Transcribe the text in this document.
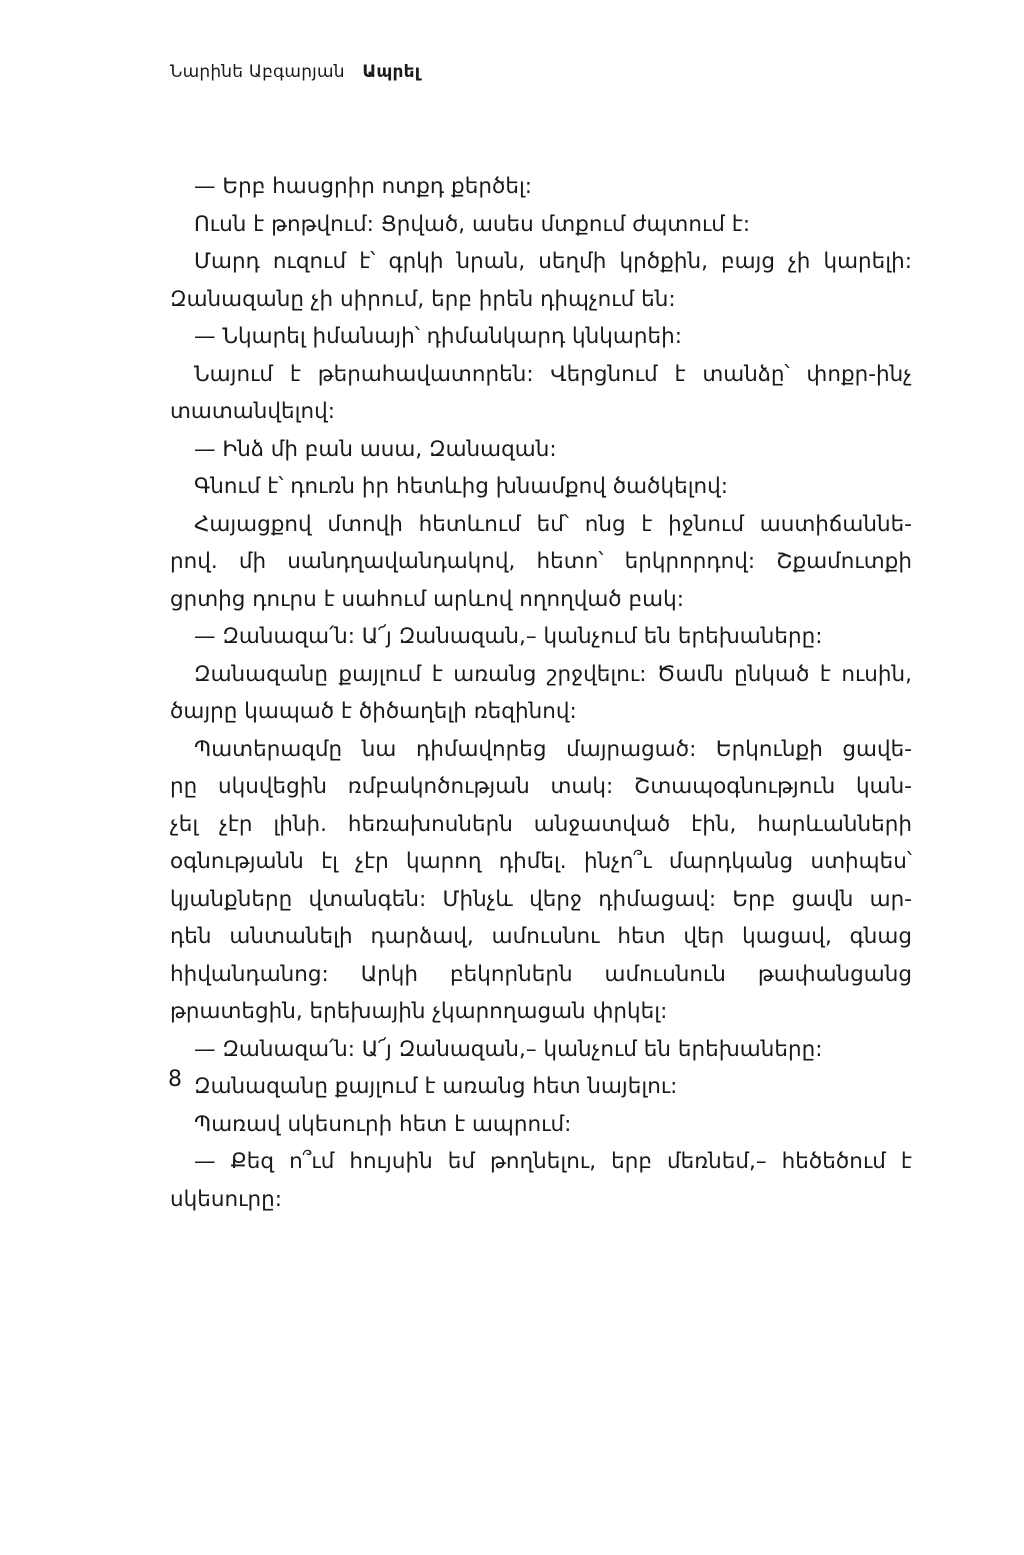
Նարինե Աբգարյան Ապրել
— Երբ հասցրիր ոտքդ քերծել:
Ուսն է թոթվում: Ցրված, ասես մտքում ժպտում է:
Մարդ ուզում է՝ գրկի նրան, սեղմի կրծքին, բայց չի կարելի:
Զանազանը չի սիրում, երբ իրեն դիպչում են:
— Նկարել իմանայի՝ դիմանկարդ կնկարեի:
Նայում է թերահավատորեն: Վերցնում է տանձը՝ փոքր-ինչ
տատանվելով:
— Ինձ մի բան ասա, Զանազան:
Գնում է՝ դուռն իր հետևից խնամքով ծածկելով:
Հայացքով մտովի հետևում եմ՝ ոնց է իջնում աստիճաննե-
րով. մի սանդղավանդակով, հետո՝ երկրորդով: Շքամուտքի
ցրտից դուրս է սահում արևով ողողված բակ:
— Զանազա՛ն: Ա՜յ Զանազան,– կանչում են երեխաները:
Զանազանը քայլում է առանց շրջվելու: Ծամն ընկած է ուսին,
ծայրը կապած է ծիծաղելի ռեզինով:
Պատերազմը նա դիմավորեց մայրացած: Երկունքի ցավե-
րը սկսվեցին ռմբակոծության տակ: Շտապօգնություն կան-
չել չէր լինի. հեռախոսներն անջատված էին, հարևանների
օգնությանն էլ չէր կարող դիմել. ինչո՞ւ մարդկանց ստիպես՝
կյանքները վտանգեն: Մինչև վերջ դիմացավ: Երբ ցավն ար-
դեն անտանելի դարձավ, ամուսնու հետ վեր կացավ, գնաց
հիվանդանոց: Արկի բեկորներն ամուսնուն թափանցանց
թրատեցին, երեխային չկարողացան փրկել:
— Զանազա՛ն: Ա՜յ Զանազան,– կանչում են երեխաները:
Զանազանը քայլում է առանց հետ նայելու:
Պառավ սկեսուրի հետ է ապրում:
— Քեզ ո՞ւմ հույսին եմ թողնելու, երբ մեռնեմ,– հեծեծում է
սկեսուրը:
8
